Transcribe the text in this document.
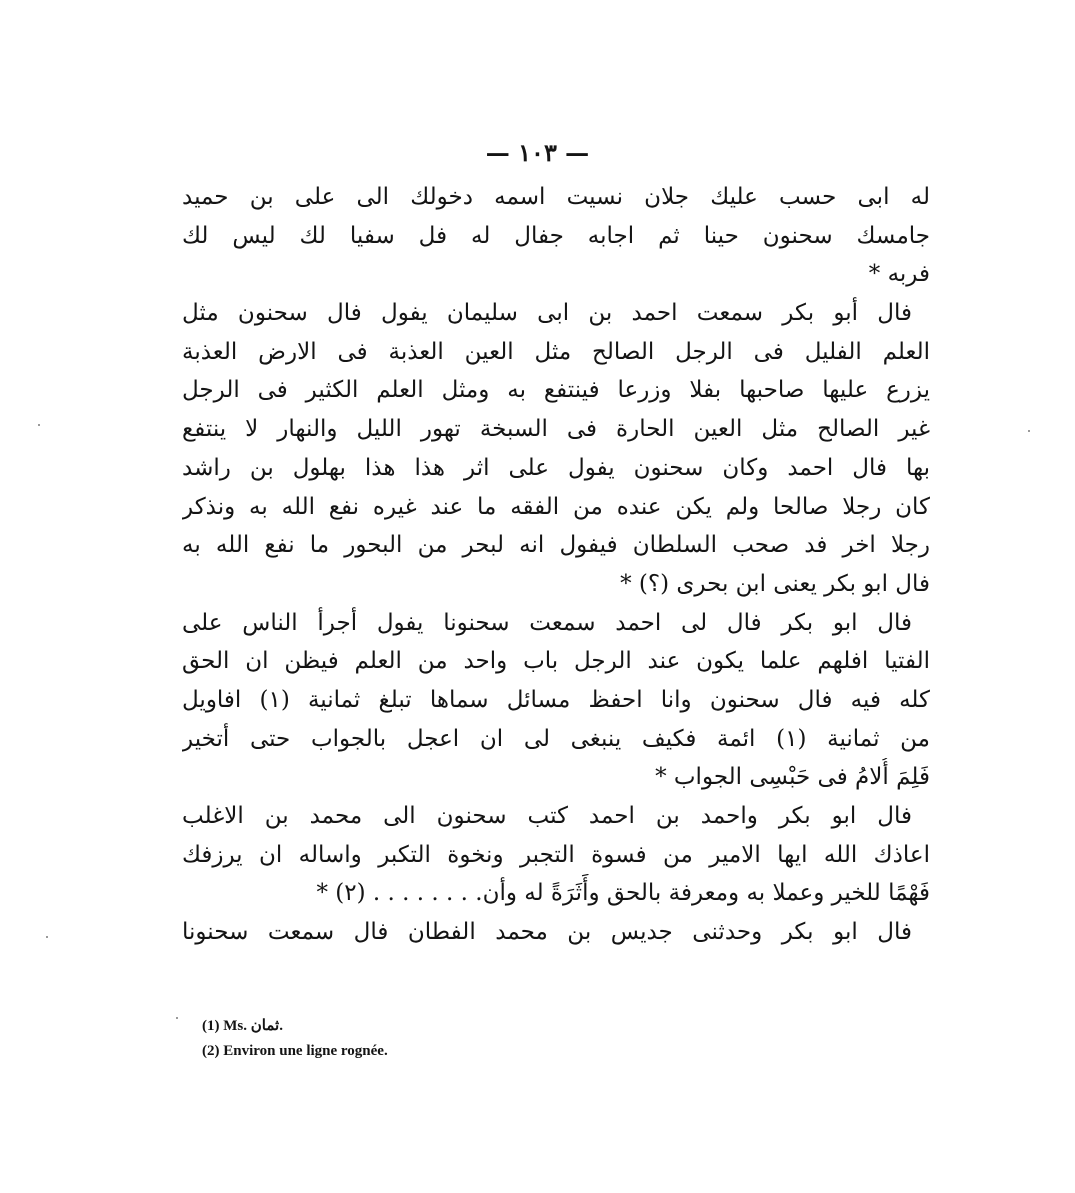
— ١٠٣ —
له ابى حسب عليك جلان نسيت اسمه دخولك الى على بن حميد
جامسك سحنون حينا ثم اجابه جفال له فل سفيا لك ليس لك
فربه *
فال أبو بكر سمعت احمد بن ابى سليمان يفول فال سحنون مثل
العلم الفليل فى الرجل الصالح مثل العين العذبة فى الارض العذبة
يزرع عليها صاحبها بفلا وزرعا فينتفع به ومثل العلم الكثير فى الرجل
غير الصالح مثل العين الحارة فى السبخة تهور الليل والنهار لا ينتفع
بها فال احمد وكان سحنون يفول على اثر هذا هذا بهلول بن راشد
كان رجلا صالحا ولم يكن عنده من الفقه ما عند غيره نفع الله به ونذكر
رجلا اخر فد صحب السلطان فيفول انه لبحر من البحور ما نفع الله به
فال ابو بكر يعنى ابن بحرى (؟) *
فال ابو بكر فال لى احمد سمعت سحنونا يفول أجرأ الناس على
الفتيا افلهم علما يكون عند الرجل باب واحد من العلم فيظن ان الحق
كله فيه فال سحنون وانا احفظ مسائل سماها تبلغ ثمانية (١) افاويل
من ثمانية (١) ائمة فكيف ينبغى لى ان اعجل بالجواب حتى أتخير
فَلِمَ أُلامُ فى حَبْسِى الجواب *
فال ابو بكر واحمد بن احمد كتب سحنون الى محمد بن الاغلب
اعاذك الله ايها الامير من فسوة التجبر ونخوة التكبر واساله ان يرزفك
فَهْمًا للخير وعملا به ومعرفة بالحق وأَثَرَةً له وأن. . . . . . . . (٢) *
فال ابو بكر وحدثنى جديس بن محمد الفطان فال سمعت سحنونا
(1) Ms. ثمان.
(2) Environ une ligne rognée.
